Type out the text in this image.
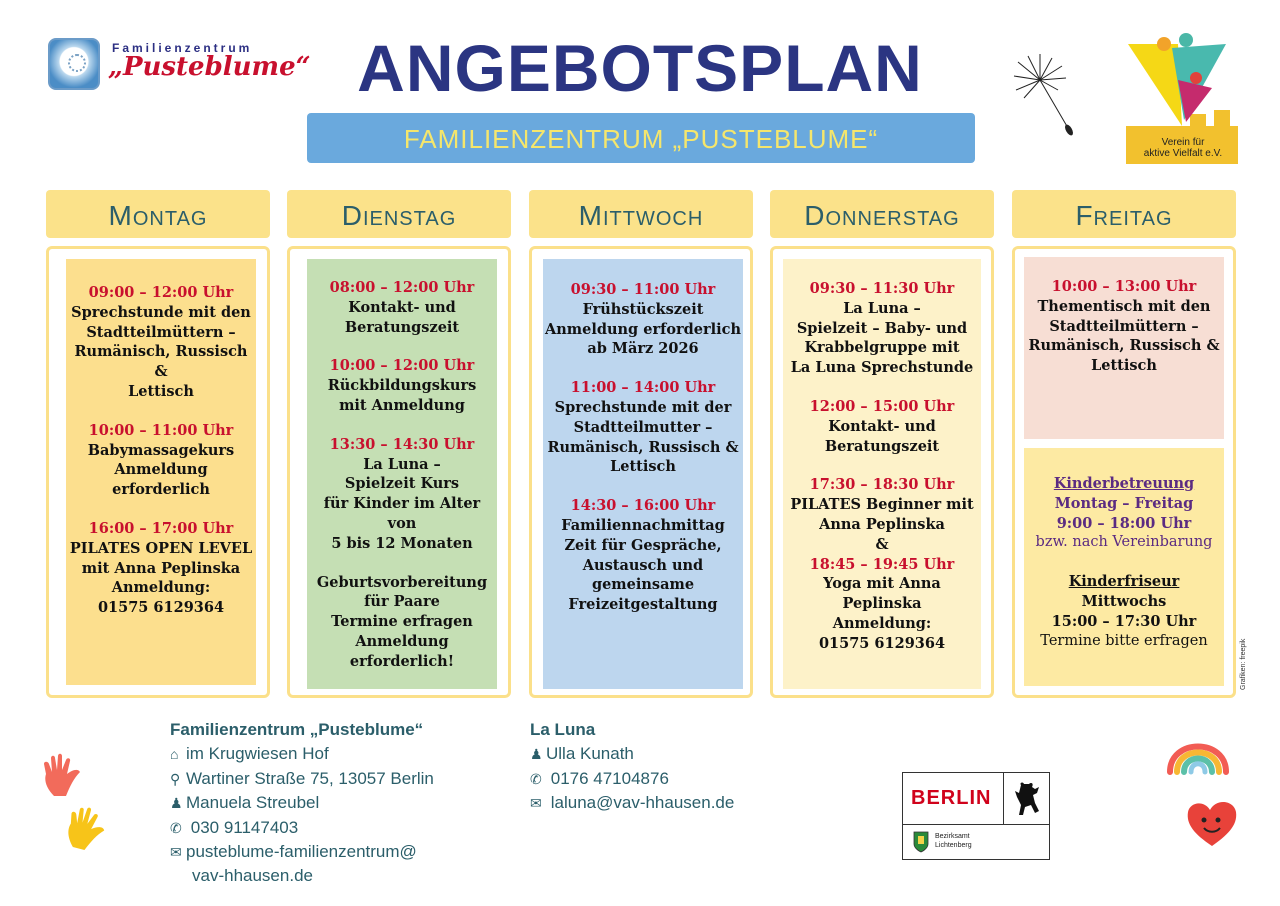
Familienzentrum
„Pusteblume“ ANGEBOTSPLAN
FAMILIENZENTRUM „PUSTEBLUME“	Verein für
aktive Vielfalt e.V.
Montag
09:00 – 12:00 Uhr
Sprechstunde mit den
Stadtteilmüttern –
Rumänisch, Russisch &
Lettisch
10:00 – 11:00 Uhr
Babymassagekurs
Anmeldung
erforderlich
16:00 – 17:00 Uhr
PILATES OPEN LEVEL
mit Anna Peplinska
Anmeldung:
01575 6129364
Dienstag
08:00 – 12:00 Uhr
Kontakt- und
Beratungszeit
10:00 – 12:00 Uhr
Rückbildungskurs
mit Anmeldung
13:30 – 14:30 Uhr
La Luna –
Spielzeit Kurs
für Kinder im Alter von
5 bis 12 Monaten
Geburtsvorbereitung
für Paare
Termine erfragen
Anmeldung
erforderlich!
Mittwoch
09:30 – 11:00 Uhr
Frühstückszeit
Anmeldung erforderlich
ab März 2026
11:00 – 14:00 Uhr
Sprechstunde mit der
Stadtteilmutter –
Rumänisch, Russisch &
Lettisch
14:30 – 16:00 Uhr
Familiennachmittag
Zeit für Gespräche,
Austausch und
gemeinsame
Freizeitgestaltung
Donnerstag
09:30 – 11:30 Uhr
La Luna –
Spielzeit – Baby- und
Krabbelgruppe mit
La Luna Sprechstunde
12:00 – 15:00 Uhr
Kontakt- und
Beratungszeit
17:30 – 18:30 Uhr
PILATES Beginner mit
Anna Peplinska
&
18:45 – 19:45 Uhr
Yoga mit Anna
Peplinska
Anmeldung:
01575 6129364
Freitag
10:00 – 13:00 Uhr
Thementisch mit den
Stadtteilmüttern –
Rumänisch, Russisch &
Lettisch
Kinderbetreuung
Montag – Freitag
9:00 – 18:00 Uhr
bzw. nach Vereinbarung
Kinderfriseur
Mittwochs
15:00 – 17:30 Uhr
Termine bitte erfragen
Familienzentrum „Pusteblume“
⌂ im Krugwiesen Hof
⚲ Wartiner Straße 75, 13057 Berlin
♟ Manuela Streubel
✆ 030 91147403
✉ pusteblume-familienzentrum@
vav-hhausen.de
La Luna
♟ Ulla Kunath
✆ 0176 47104876
✉ laluna@vav-hhausen.de	BERLIN
Bezirksamt
Lichtenberg
Grafiken: freepik
